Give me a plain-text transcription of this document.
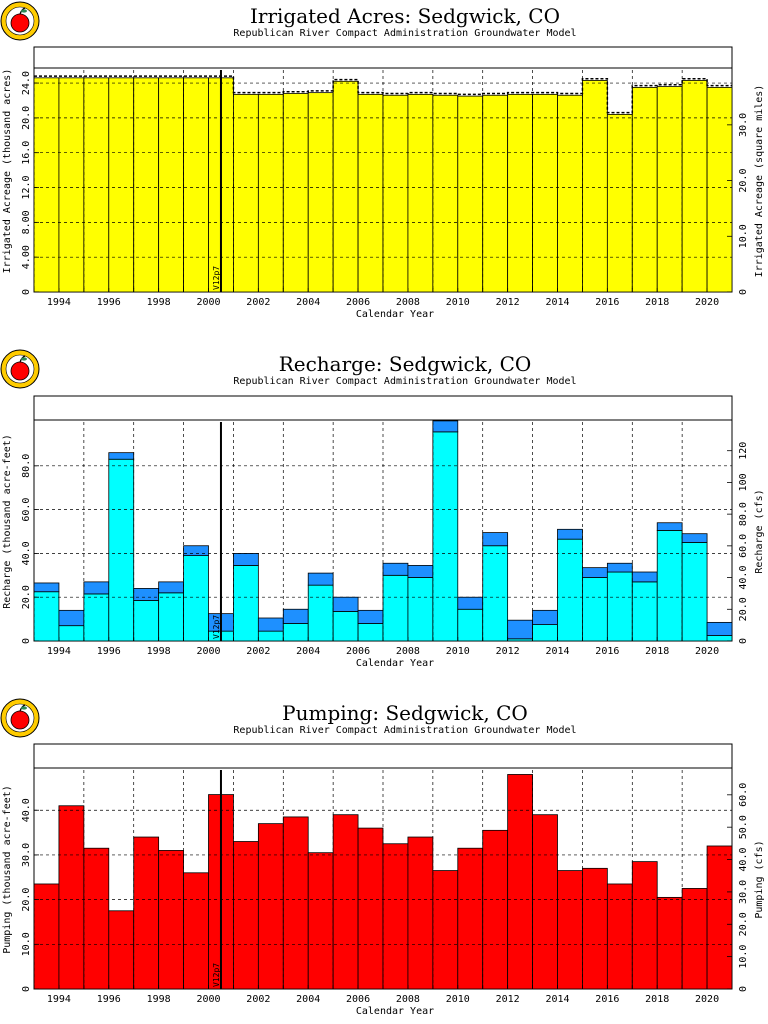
Irrigated Acres: Sedgwick, CO
Republican River Compact Administration Groundwater Model
V12p7
1994	1996	1998	2000	2002	2004	2006	2008	2010	2012	2014	2016	2018	2020
Calendar Year
0
4.00
8.00
12.0
16.0
20.0
24.0
Irrigated Acreage (thousand acres)
0
10.0
20.0
30.0 Irrigated Acreage (square miles)
Recharge: Sedgwick, CO
Republican River Compact Administration Groundwater Model
V12p7
1994	1996	1998	2000	2002	2004	2006	2008	2010	2012	2014	2016	2018	2020
Calendar Year
0
20.0
40.0
60.0
80.0
Recharge (thousand acre-feet)
0
20.0
40.0
60.0
80.0
100
120
Recharge (cfs)
Pumping: Sedgwick, CO
Republican River Compact Administration Groundwater Model
V12p7
1994	1996	1998	2000	2002	2004	2006	2008	2010	2012	2014	2016	2018	2020
Calendar Year
0
10.0
20.0
30.0
40.0
Pumping (thousand acre-feet)
0
10.0
20.0
30.0
40.0
50.0
60.0
Pumping (cfs)
